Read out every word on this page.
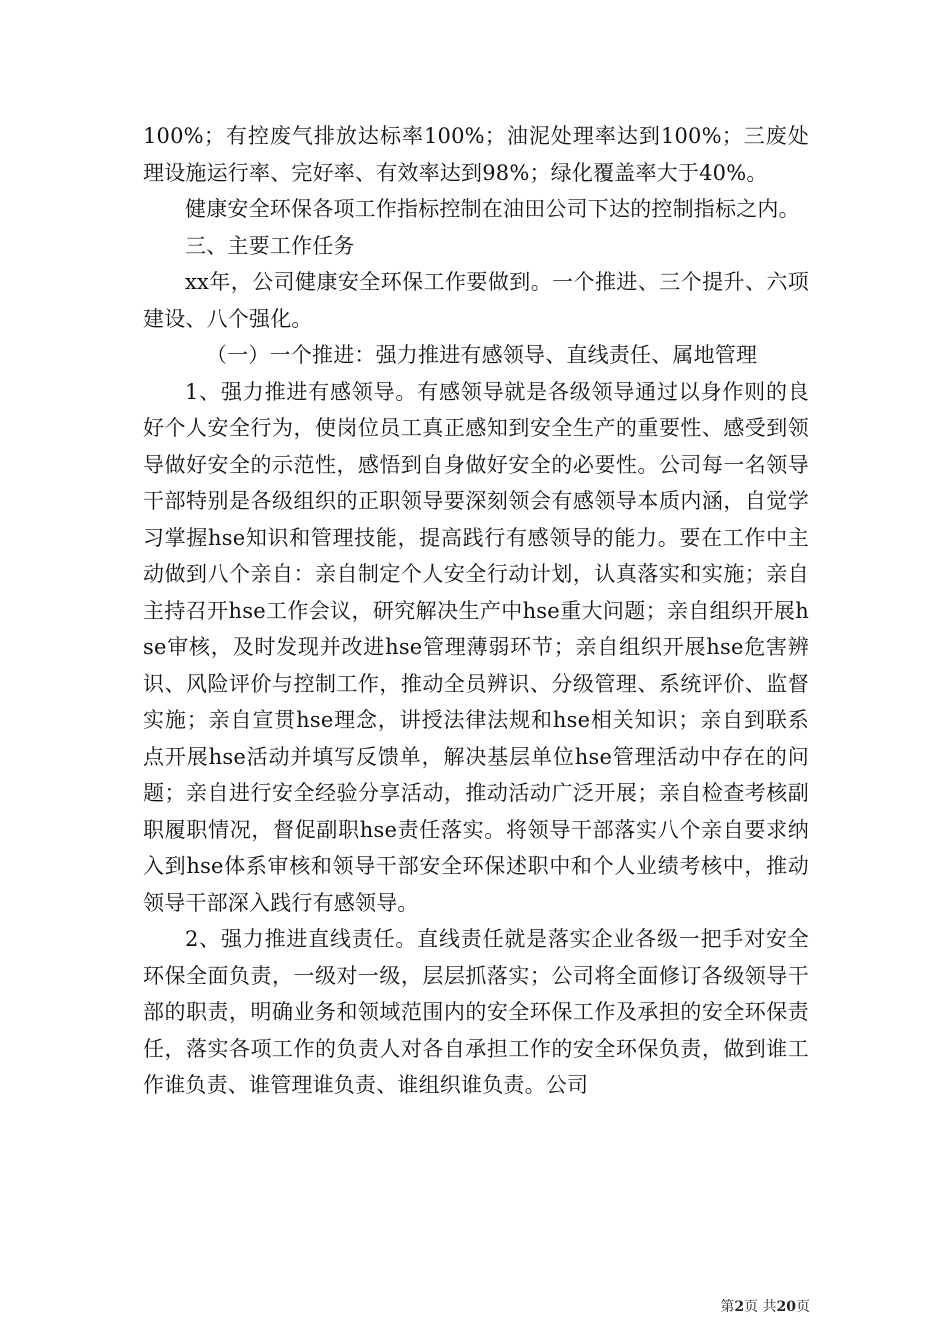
100%；有控废气排放达标率100%；油泥处理率达到100%；三废处理设施运行率、完好率、有效率达到98%；绿化覆盖率大于40%。

健康安全环保各项工作指标控制在油田公司下达的控制指标之内。

三、主要工作任务

xx年，公司健康安全环保工作要做到。一个推进、三个提升、六项建设、八个强化。

（一）一个推进：强力推进有感领导、直线责任、属地管理

1、强力推进有感领导。有感领导就是各级领导通过以身作则的良好个人安全行为，使岗位员工真正感知到安全生产的重要性、感受到领导做好安全的示范性，感悟到自身做好安全的必要性。公司每一名领导干部特别是各级组织的正职领导要深刻领会有感领导本质内涵，自觉学习掌握hse知识和管理技能，提高践行有感领导的能力。要在工作中主动做到八个亲自：亲自制定个人安全行动计划，认真落实和实施；亲自主持召开hse工作会议，研究解决生产中hse重大问题；亲自组织开展hse审核，及时发现并改进hse管理薄弱环节；亲自组织开展hse危害辨识、风险评价与控制工作，推动全员辨识、分级管理、系统评价、监督实施；亲自宣贯hse理念，讲授法律法规和hse相关知识；亲自到联系点开展hse活动并填写反馈单，解决基层单位hse管理活动中存在的问题；亲自进行安全经验分享活动，推动活动广泛开展；亲自检查考核副职履职情况，督促副职hse责任落实。将领导干部落实八个亲自要求纳入到hse体系审核和领导干部安全环保述职中和个人业绩考核中，推动领导干部深入践行有感领导。

2、强力推进直线责任。直线责任就是落实企业各级一把手对安全环保全面负责，一级对一级，层层抓落实；公司将全面修订各级领导干部的职责，明确业务和领域范围内的安全环保工作及承担的安全环保责任，落实各项工作的负责人对各自承担工作的安全环保负责，做到谁工作谁负责、谁管理谁负责、谁组织谁负责。公司

第2页 共20页
